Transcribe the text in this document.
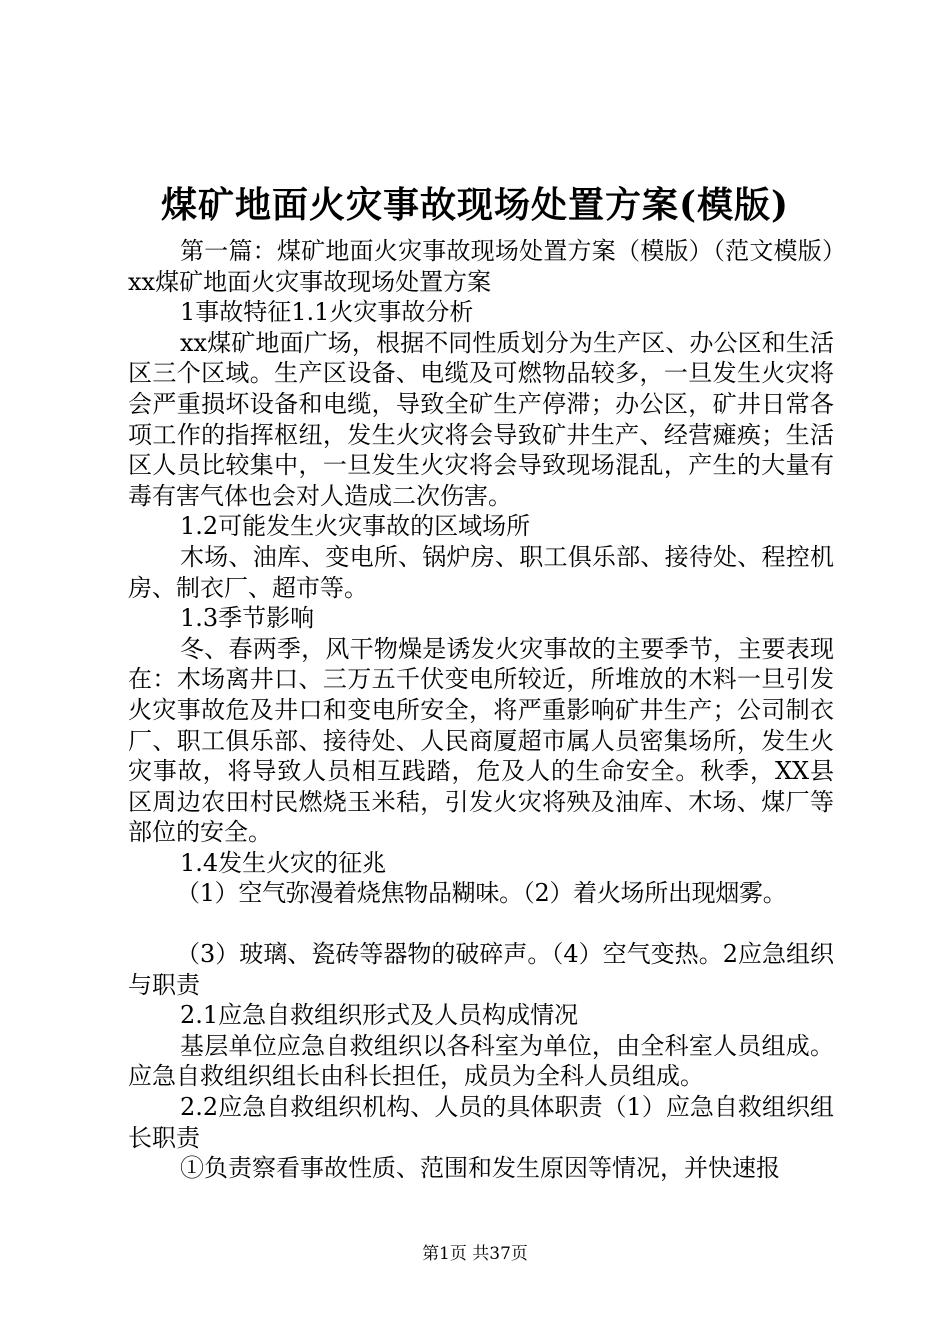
煤矿地面火灾事故现场处置方案(模版)

第一篇：煤矿地面火灾事故现场处置方案（模版）（范文模版）xx煤矿地面火灾事故现场处置方案

1事故特征1.1火灾事故分析

xx煤矿地面广场，根据不同性质划分为生产区、办公区和生活区三个区域。生产区设备、电缆及可燃物品较多，一旦发生火灾将会严重损坏设备和电缆，导致全矿生产停滞；办公区，矿井日常各项工作的指挥枢纽，发生火灾将会导致矿井生产、经营瘫痪；生活区人员比较集中，一旦发生火灾将会导致现场混乱，产生的大量有毒有害气体也会对人造成二次伤害。

1.2可能发生火灾事故的区域场所

木场、油库、变电所、锅炉房、职工俱乐部、接待处、程控机房、制衣厂、超市等。

1.3季节影响

冬、春两季，风干物燥是诱发火灾事故的主要季节，主要表现在：木场离井口、三万五千伏变电所较近，所堆放的木料一旦引发火灾事故危及井口和变电所安全，将严重影响矿井生产；公司制衣厂、职工俱乐部、接待处、人民商厦超市属人员密集场所，发生火灾事故，将导致人员相互践踏，危及人的生命安全。秋季，XX县区周边农田村民燃烧玉米秸，引发火灾将殃及油库、木场、煤厂等部位的安全。

1.4发生火灾的征兆

（1）空气弥漫着烧焦物品糊味。（2）着火场所出现烟雾。

（3）玻璃、瓷砖等器物的破碎声。（4）空气变热。2应急组织与职责

2.1应急自救组织形式及人员构成情况

基层单位应急自救组织以各科室为单位，由全科室人员组成。应急自救组织组长由科长担任，成员为全科人员组成。

2.2应急自救组织机构、人员的具体职责（1）应急自救组织组长职责

①负责察看事故性质、范围和发生原因等情况，并快速报

第1页 共37页
